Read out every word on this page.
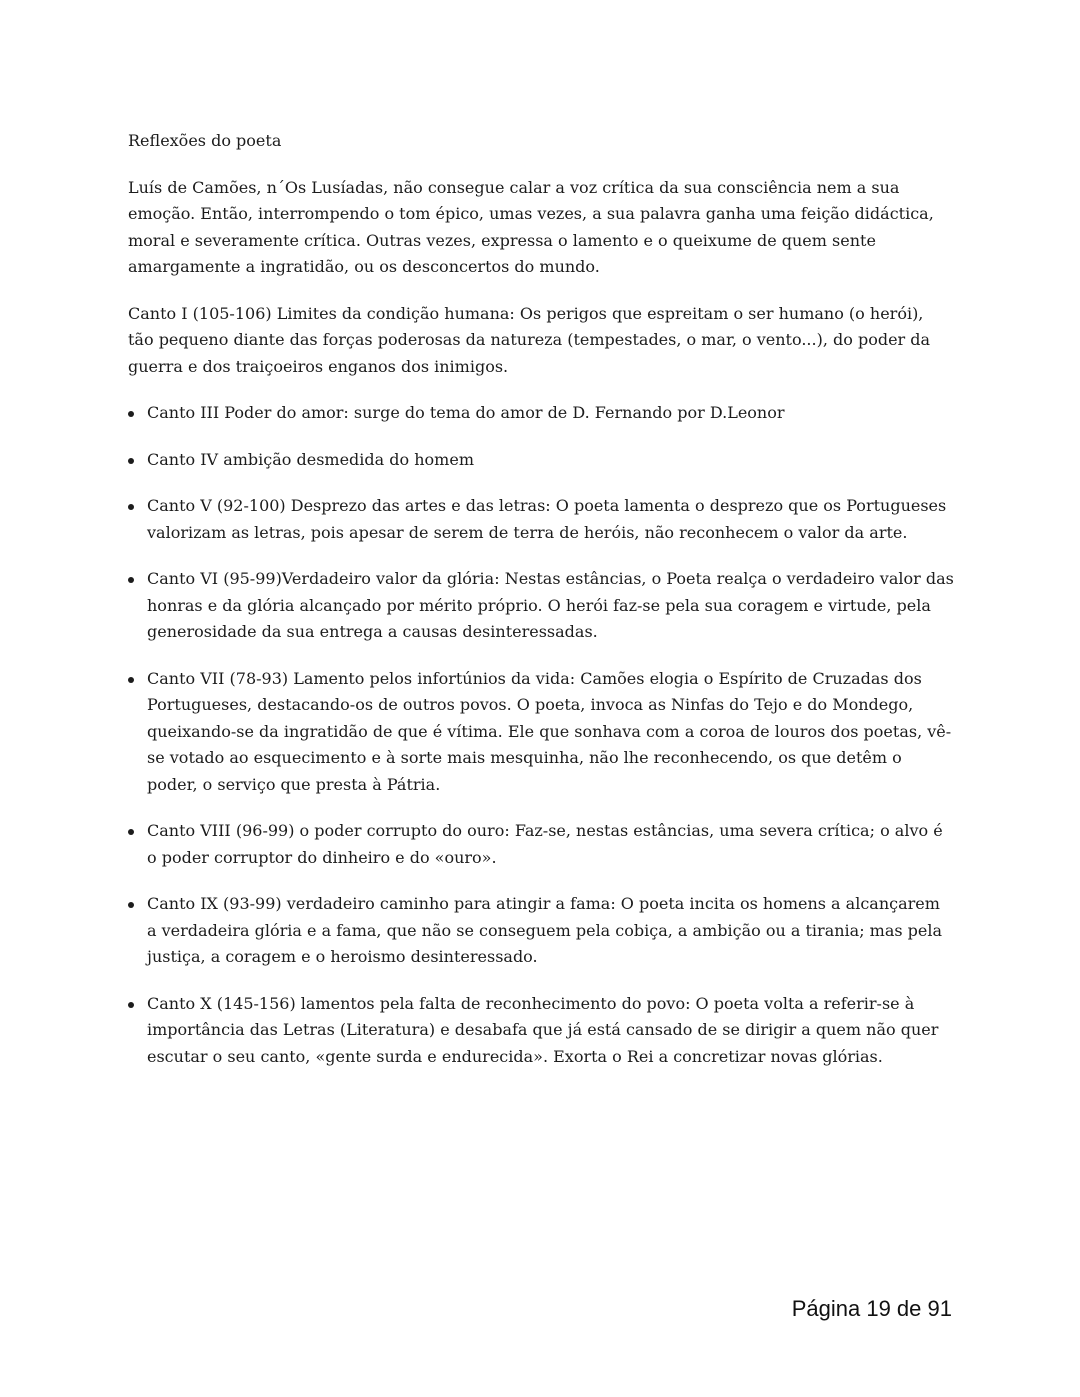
Reflexões do poeta

Luís de Camões, n´Os Lusíadas, não consegue calar a voz crítica da sua consciência nem a sua emoção. Então, interrompendo o tom épico, umas vezes, a sua palavra ganha uma feição didáctica, moral e severamente crítica. Outras vezes, expressa o lamento e o queixume de quem sente amargamente a ingratidão, ou os desconcertos do mundo.

Canto I (105-106) Limites da condição humana: Os perigos que espreitam o ser humano (o herói), tão pequeno diante das forças poderosas da natureza (tempestades, o mar, o vento...), do poder da guerra e dos traiçoeiros enganos dos inimigos.

Canto III Poder do amor: surge do tema do amor de D. Fernando por D.Leonor
Canto IV ambição desmedida do homem
Canto V (92-100) Desprezo das artes e das letras: O poeta lamenta o desprezo que os Portugueses valorizam as letras, pois apesar de serem de terra de heróis, não reconhecem o valor da arte.
Canto VI (95-99)Verdadeiro valor da glória: Nestas estâncias, o Poeta realça o verdadeiro valor das honras e da glória alcançado por mérito próprio. O herói faz-se pela sua coragem e virtude, pela generosidade da sua entrega a causas desinteressadas.
Canto VII (78-93) Lamento pelos infortúnios da vida: Camões elogia o Espírito de Cruzadas dos Portugueses, destacando-os de outros povos. O poeta, invoca as Ninfas do Tejo e do Mondego, queixando-se da ingratidão de que é vítima. Ele que sonhava com a coroa de louros dos poetas, vê-se votado ao esquecimento e à sorte mais mesquinha, não lhe reconhecendo, os que detêm o poder, o serviço que presta à Pátria.
Canto VIII (96-99) o poder corrupto do ouro: Faz-se, nestas estâncias, uma severa crítica; o alvo é o poder corruptor do dinheiro e do «ouro».
Canto IX (93-99) verdadeiro caminho para atingir a fama: O poeta incita os homens a alcançarem a verdadeira glória e a fama, que não se conseguem pela cobiça, a ambição ou a tirania; mas pela justiça, a coragem e o heroismo desinteressado.
Canto X (145-156) lamentos pela falta de reconhecimento do povo: O poeta volta a referir-se à importância das Letras (Literatura) e desabafa que já está cansado de se dirigir a quem não quer escutar o seu canto, «gente surda e endurecida». Exorta o Rei a concretizar novas glórias.
Página 19 de 91
